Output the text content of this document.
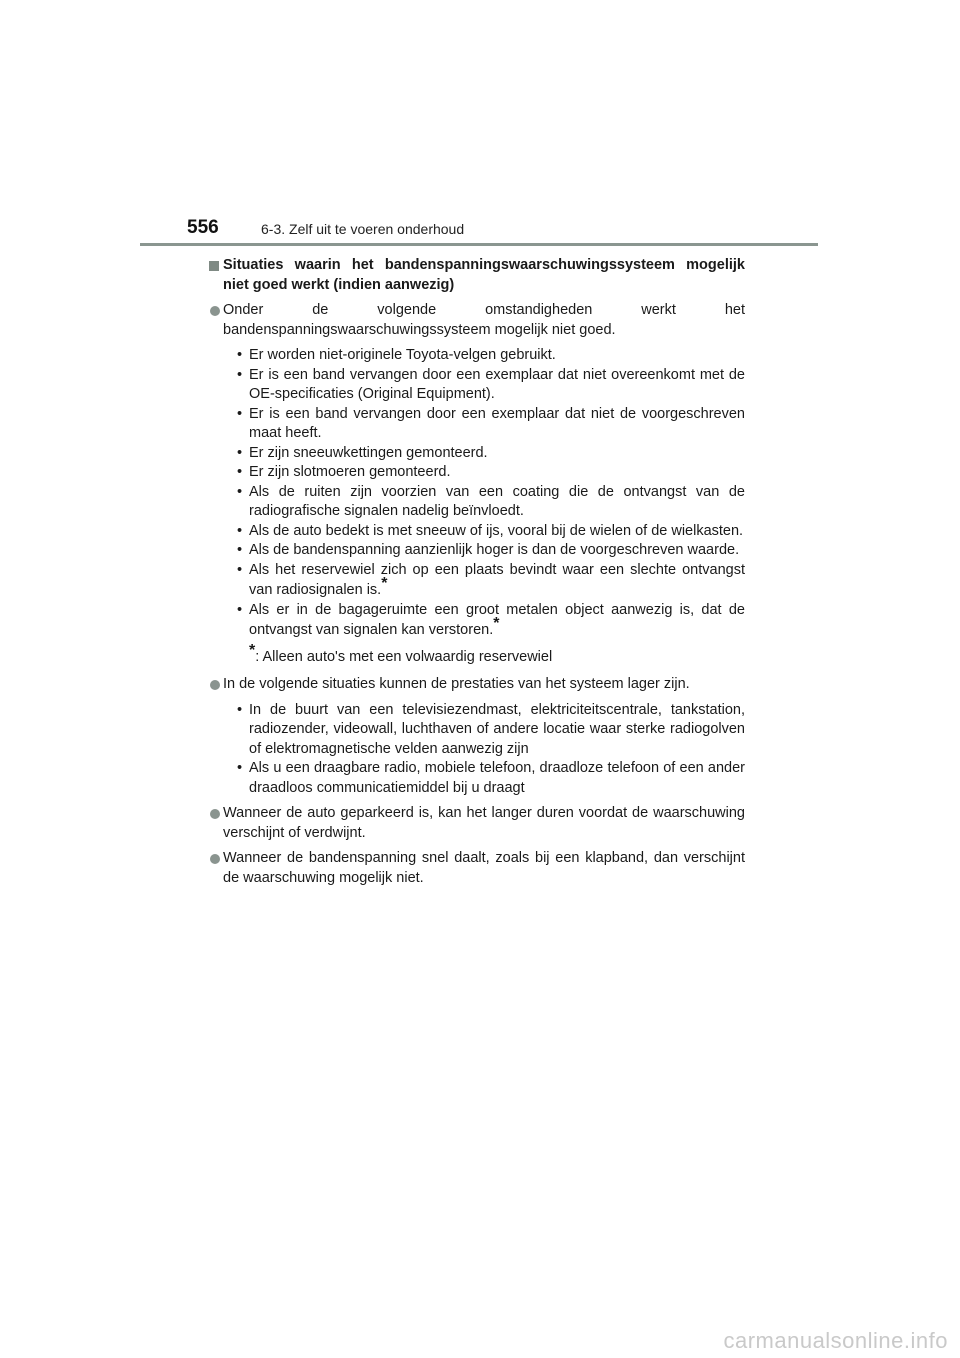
556	6-3. Zelf uit te voeren onderhoud
Situaties waarin het bandenspanningswaarschuwingssysteem mogelijk niet goed werkt (indien aanwezig)
Onder de volgende omstandigheden werkt het bandenspanningswaarschuwingssysteem mogelijk niet goed.
• Er worden niet-originele Toyota-velgen gebruikt.
• Er is een band vervangen door een exemplaar dat niet overeenkomt met de OE-specificaties (Original Equipment).
• Er is een band vervangen door een exemplaar dat niet de voorgeschreven maat heeft.
• Er zijn sneeuwkettingen gemonteerd.
• Er zijn slotmoeren gemonteerd.
• Als de ruiten zijn voorzien van een coating die de ontvangst van de radiografische signalen nadelig beïnvloedt.
• Als de auto bedekt is met sneeuw of ijs, vooral bij de wielen of de wielkasten.
• Als de bandenspanning aanzienlijk hoger is dan de voorgeschreven waarde.
• Als het reservewiel zich op een plaats bevindt waar een slechte ontvangst van radiosignalen is.*
• Als er in de bagageruimte een groot metalen object aanwezig is, dat de ontvangst van signalen kan verstoren.*
*: Alleen auto's met een volwaardig reservewiel
In de volgende situaties kunnen de prestaties van het systeem lager zijn.
• In de buurt van een televisiezendmast, elektriciteitscentrale, tankstation, radiozender, videowall, luchthaven of andere locatie waar sterke radiogolven of elektromagnetische velden aanwezig zijn
• Als u een draagbare radio, mobiele telefoon, draadloze telefoon of een ander draadloos communicatiemiddel bij u draagt
Wanneer de auto geparkeerd is, kan het langer duren voordat de waarschuwing verschijnt of verdwijnt.
Wanneer de bandenspanning snel daalt, zoals bij een klapband, dan verschijnt de waarschuwing mogelijk niet.
carmanualsonline.info
